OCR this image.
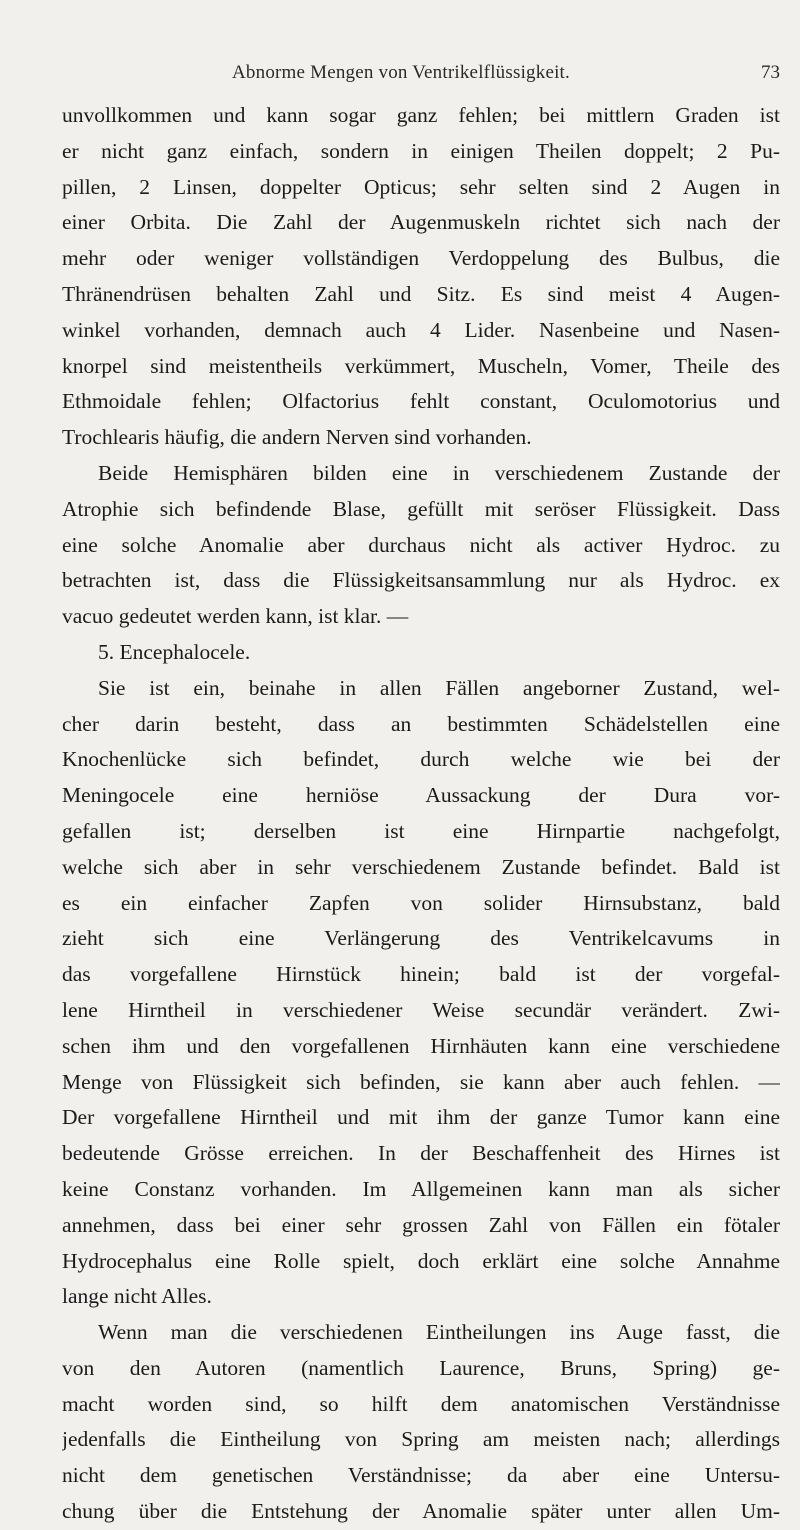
Abnorme Mengen von Ventrikelflüssigkeit.	73
unvollkommen und kann sogar ganz fehlen; bei mittlern Graden ist
er nicht ganz einfach, sondern in einigen Theilen doppelt; 2 Pu-
pillen, 2 Linsen, doppelter Opticus; sehr selten sind 2 Augen in
einer Orbita. Die Zahl der Augenmuskeln richtet sich nach der
mehr oder weniger vollständigen Verdoppelung des Bulbus, die
Thränendrüsen behalten Zahl und Sitz. Es sind meist 4 Augen-
winkel vorhanden, demnach auch 4 Lider. Nasenbeine und Nasen-
knorpel sind meistentheils verkümmert, Muscheln, Vomer, Theile des
Ethmoidale fehlen; Olfactorius fehlt constant, Oculomotorius und
Trochlearis häufig, die andern Nerven sind vorhanden.
Beide Hemisphären bilden eine in verschiedenem Zustande der
Atrophie sich befindende Blase, gefüllt mit seröser Flüssigkeit. Dass
eine solche Anomalie aber durchaus nicht als activer Hydroc. zu
betrachten ist, dass die Flüssigkeitsansammlung nur als Hydroc. ex
vacuo gedeutet werden kann, ist klar. —
5. Encephalocele.
Sie ist ein, beinahe in allen Fällen angeborner Zustand, wel-
cher darin besteht, dass an bestimmten Schädelstellen eine
Knochenlücke sich befindet, durch welche wie bei der
Meningocele eine herniöse Aussackung der Dura vor-
gefallen ist; derselben ist eine Hirnpartie nachgefolgt,
welche sich aber in sehr verschiedenem Zustande befindet. Bald ist
es ein einfacher Zapfen von solider Hirnsubstanz, bald
zieht sich eine Verlängerung des Ventrikelcavums in
das vorgefallene Hirnstück hinein; bald ist der vorgefal-
lene Hirntheil in verschiedener Weise secundär verändert. Zwi-
schen ihm und den vorgefallenen Hirnhäuten kann eine verschiedene
Menge von Flüssigkeit sich befinden, sie kann aber auch fehlen. —
Der vorgefallene Hirntheil und mit ihm der ganze Tumor kann eine
bedeutende Grösse erreichen. In der Beschaffenheit des Hirnes ist
keine Constanz vorhanden. Im Allgemeinen kann man als sicher
annehmen, dass bei einer sehr grossen Zahl von Fällen ein fötaler
Hydrocephalus eine Rolle spielt, doch erklärt eine solche Annahme
lange nicht Alles.
Wenn man die verschiedenen Eintheilungen ins Auge fasst, die
von den Autoren (namentlich Laurence, Bruns, Spring) ge-
macht worden sind, so hilft dem anatomischen Verständnisse
jedenfalls die Eintheilung von Spring am meisten nach; allerdings
nicht dem genetischen Verständnisse; da aber eine Untersu-
chung über die Entstehung der Anomalie später unter allen Um-
